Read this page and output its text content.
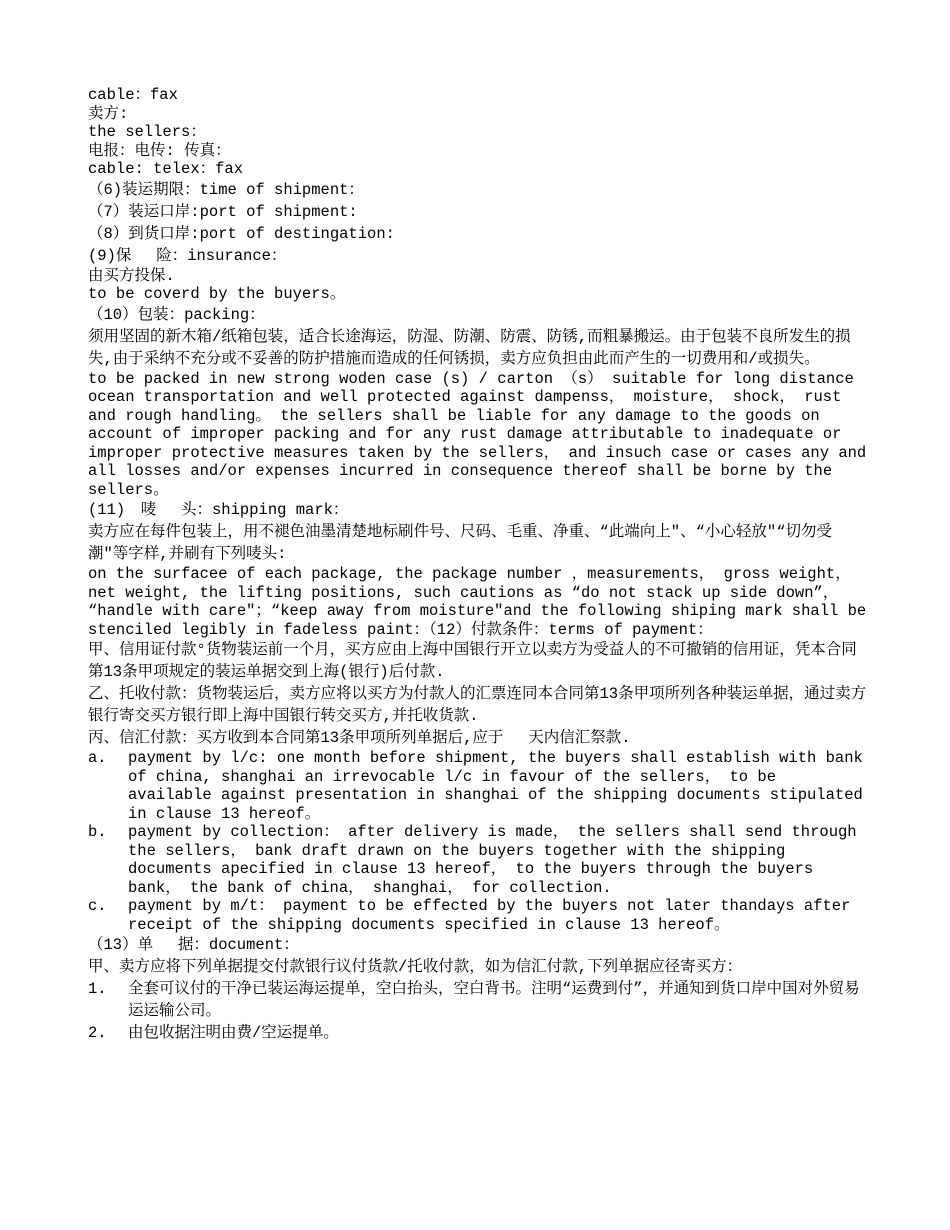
cable：fax

卖方:

the sellers：

电报：电传: 传真：

cable: telex：fax

（6)装运期限：time of shipment：

（7）装运口岸:port of shipment:

（8）到货口岸:port of destingation:

(9)保　 险：insurance：

由买方投保.

to be coverd by the buyers。

（10）包装：packing：

须用坚固的新木箱/纸箱包装，适合长途海运，防湿、防潮、防震、防锈,而粗暴搬运。由于包装不良所发生的损失,由于采纳不充分或不妥善的防护措施而造成的任何锈损，卖方应负担由此而产生的一切费用和/或损失。

to be packed in new strong woden case (s) / carton （s） suitable for long distance ocean transportation and well protected against dampenss， moisture， shock， rust and rough handling。 the sellers shall be liable for any damage to the goods on account of improper packing and for any rust damage attributable to inadequate or improper protective measures taken by the sellers， and insuch case or cases any and all losses and/or expenses incurred in consequence thereof shall be borne by the sellers。

(11)　唛　 头：shipping mark：

卖方应在每件包装上，用不褪色油墨清楚地标刷件号、尺码、毛重、净重、“此端向上"、“小心轻放"“切勿受潮"等字样,并刷有下列唛头:

on the surfacee of each package, the package number ，measurements， gross weight， net weight, the lifting positions, such cautions as “do not stack up side down”， “handle with care"；“keep away from moisture"and the following shiping mark shall be stenciled legibly in fadeless paint：（12）付款条件：terms of payment：

甲、信用证付款°货物装运前一个月，买方应由上海中国银行开立以卖方为受益人的不可撤销的信用证，凭本合同第13条甲项规定的装运单据交到上海(银行)后付款.

乙、托收付款：货物装运后，卖方应将以买方为付款人的汇票连同本合同第13条甲项所列各种装运单据，通过卖方银行寄交买方银行即上海中国银行转交买方,并托收货款.

丙、信汇付款：买方收到本合同第13条甲项所列单据后,应于　 天内信汇祭款.

a.	payment by l/c: one month before shipment, the buyers shall establish with bank of china, shanghai an irrevocable l/c in favour of the sellers， to be available against presentation in shanghai of the shipping documents stipulated in clause 13 hereof。
b.	payment by collection： after delivery is made， the sellers shall send through the sellers， bank draft drawn on the buyers together with the shipping documents apecified in clause 13 hereof， to the buyers through the buyers bank， the bank of china， shanghai， for collection.
c.	payment by m/t： payment to be effected by the buyers not later thandays after receipt of the shipping documents specified in clause 13 hereof。

（13）单　 据：document：

甲、卖方应将下列单据提交付款银行议付货款/托收付款，如为信汇付款,下列单据应径寄买方：

1.	全套可议付的干净已装运海运提单，空白抬头，空白背书。注明“运费到付”，并通知到货口岸中国对外贸易运运输公司。
2.	由包收据注明由费/空运提单。
